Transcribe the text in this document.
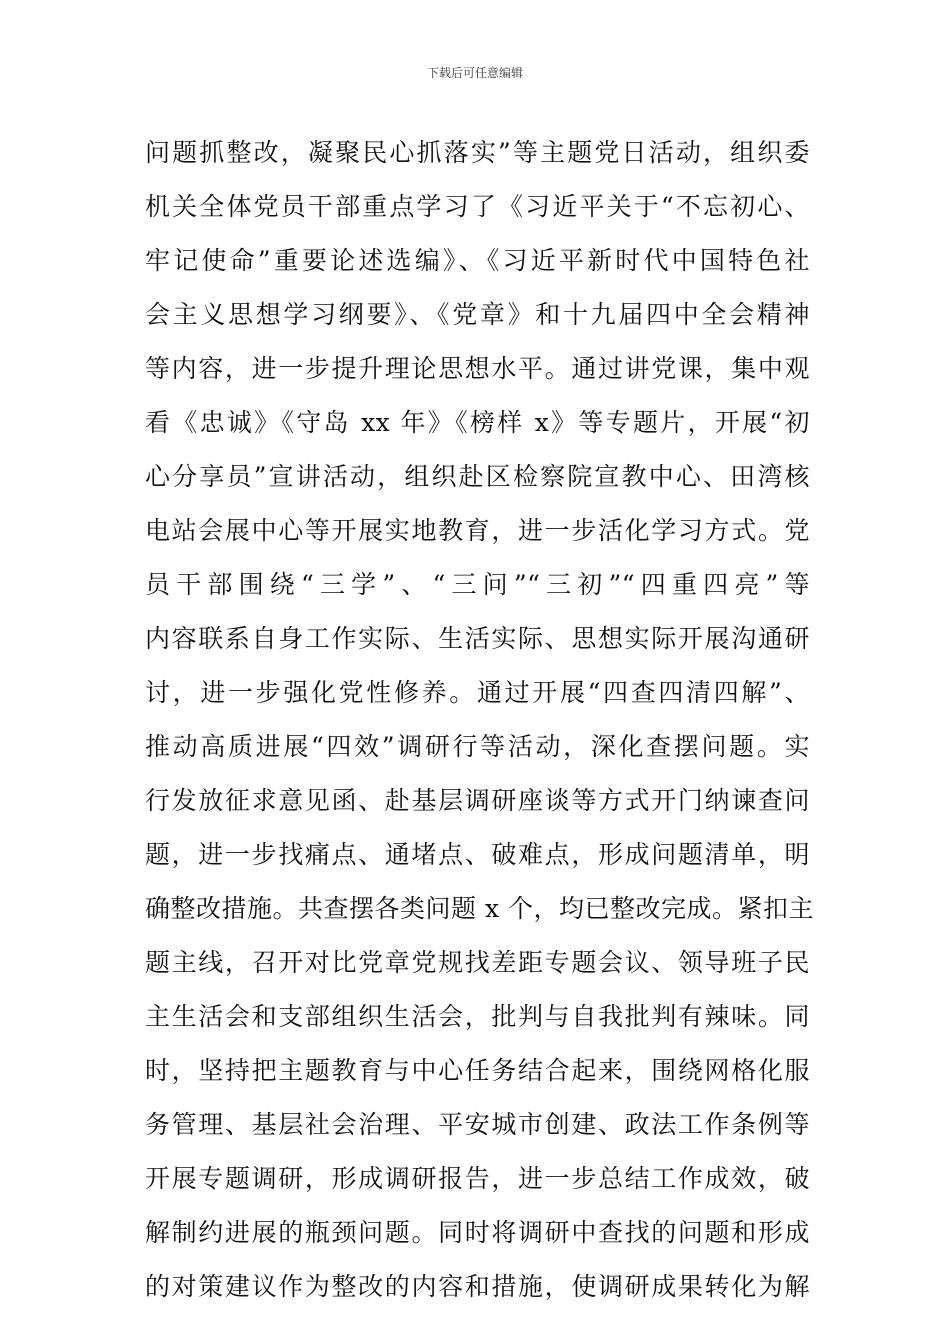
下载后可任意编辑
问题抓整改，凝聚民心抓落实”等主题党日活动，组织委
机关全体党员干部重点学习了《习近平关于“不忘初心、
牢记使命”重要论述选编》、《习近平新时代中国特色社
会主义思想学习纲要》、《党章》和十九届四中全会精神
等内容，进一步提升理论思想水平。通过讲党课，集中观
看《忠诚》《守岛 xx 年》《榜样 x》等专题片，开展“初
心分享员”宣讲活动，组织赴区检察院宣教中心、田湾核
电站会展中心等开展实地教育，进一步活化学习方式。党
员干部围绕“三学”、“三问”“三初”“四重四亮”等
内容联系自身工作实际、生活实际、思想实际开展沟通研
讨，进一步强化党性修养。通过开展“四查四清四解”、
推动高质进展“四效”调研行等活动，深化查摆问题。实
行发放征求意见函、赴基层调研座谈等方式开门纳谏查问
题，进一步找痛点、通堵点、破难点，形成问题清单，明
确整改措施。共查摆各类问题 x 个，均已整改完成。紧扣主
题主线，召开对比党章党规找差距专题会议、领导班子民
主生活会和支部组织生活会，批判与自我批判有辣味。同
时，坚持把主题教育与中心任务结合起来，围绕网格化服
务管理、基层社会治理、平安城市创建、政法工作条例等
开展专题调研，形成调研报告，进一步总结工作成效，破
解制约进展的瓶颈问题。同时将调研中查找的问题和形成
的对策建议作为整改的内容和措施，使调研成果转化为解
